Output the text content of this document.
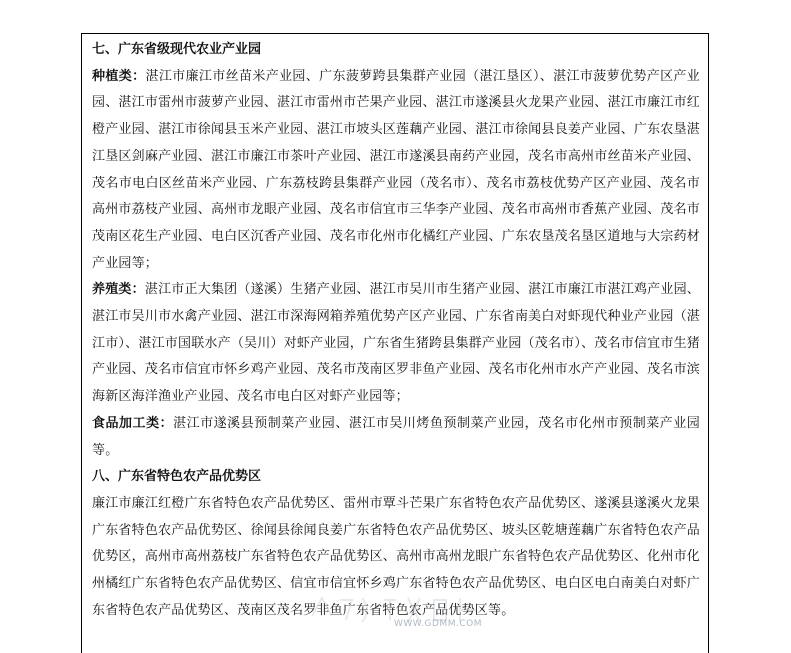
七、广东省级现代农业产业园

种植类：湛江市廉江市丝苗米产业园、广东菠萝跨县集群产业园（湛江垦区）、湛江市菠萝优势产区产业园、湛江市雷州市菠萝产业园、湛江市雷州市芒果产业园、湛江市遂溪县火龙果产业园、湛江市廉江市红橙产业园、湛江市徐闻县玉米产业园、湛江市坡头区莲藕产业园、湛江市徐闻县良姜产业园、广东农垦湛江垦区剑麻产业园、湛江市廉江市茶叶产业园、湛江市遂溪县南药产业园，茂名市高州市丝苗米产业园、茂名市电白区丝苗米产业园、广东荔枝跨县集群产业园（茂名市）、茂名市荔枝优势产区产业园、茂名市高州市荔枝产业园、高州市龙眼产业园、茂名市信宜市三华李产业园、茂名市高州市香蕉产业园、茂名市茂南区花生产业园、电白区沉香产业园、茂名市化州市化橘红产业园、广东农垦茂名垦区道地与大宗药材产业园等；

养殖类：湛江市正大集团（遂溪）生猪产业园、湛江市吴川市生猪产业园、湛江市廉江市湛江鸡产业园、湛江市吴川市水禽产业园、湛江市深海网箱养殖优势产区产业园、广东省南美白对虾现代种业产业园（湛江市）、湛江市国联水产（吴川）对虾产业园，广东省生猪跨县集群产业园（茂名市）、茂名市信宜市生猪产业园、茂名市信宜市怀乡鸡产业园、茂名市茂南区罗非鱼产业园、茂名市化州市水产产业园、茂名市滨海新区海洋渔业产业园、茂名市电白区对虾产业园等；

食品加工类：湛江市遂溪县预制菜产业园、湛江市吴川烤鱼预制菜产业园，茂名市化州市预制菜产业园等。

八、广东省特色农产品优势区

廉江市廉江红橙广东省特色农产品优势区、雷州市覃斗芒果广东省特色农产品优势区、遂溪县遂溪火龙果广东省特色农产品优势区、徐闻县徐闻良姜广东省特色农产品优势区、坡头区乾塘莲藕广东省特色农产品优势区，高州市高州荔枝广东省特色农产品优势区、高州市高州龙眼广东省特色农产品优势区、化州市化州橘红广东省特色农产品优势区、信宜市信宜怀乡鸡广东省特色农产品优势区、电白区电白南美白对虾广东省特色农产品优势区、茂南区茂名罗非鱼广东省特色农产品优势区等。

WWW.GDMM.COM
